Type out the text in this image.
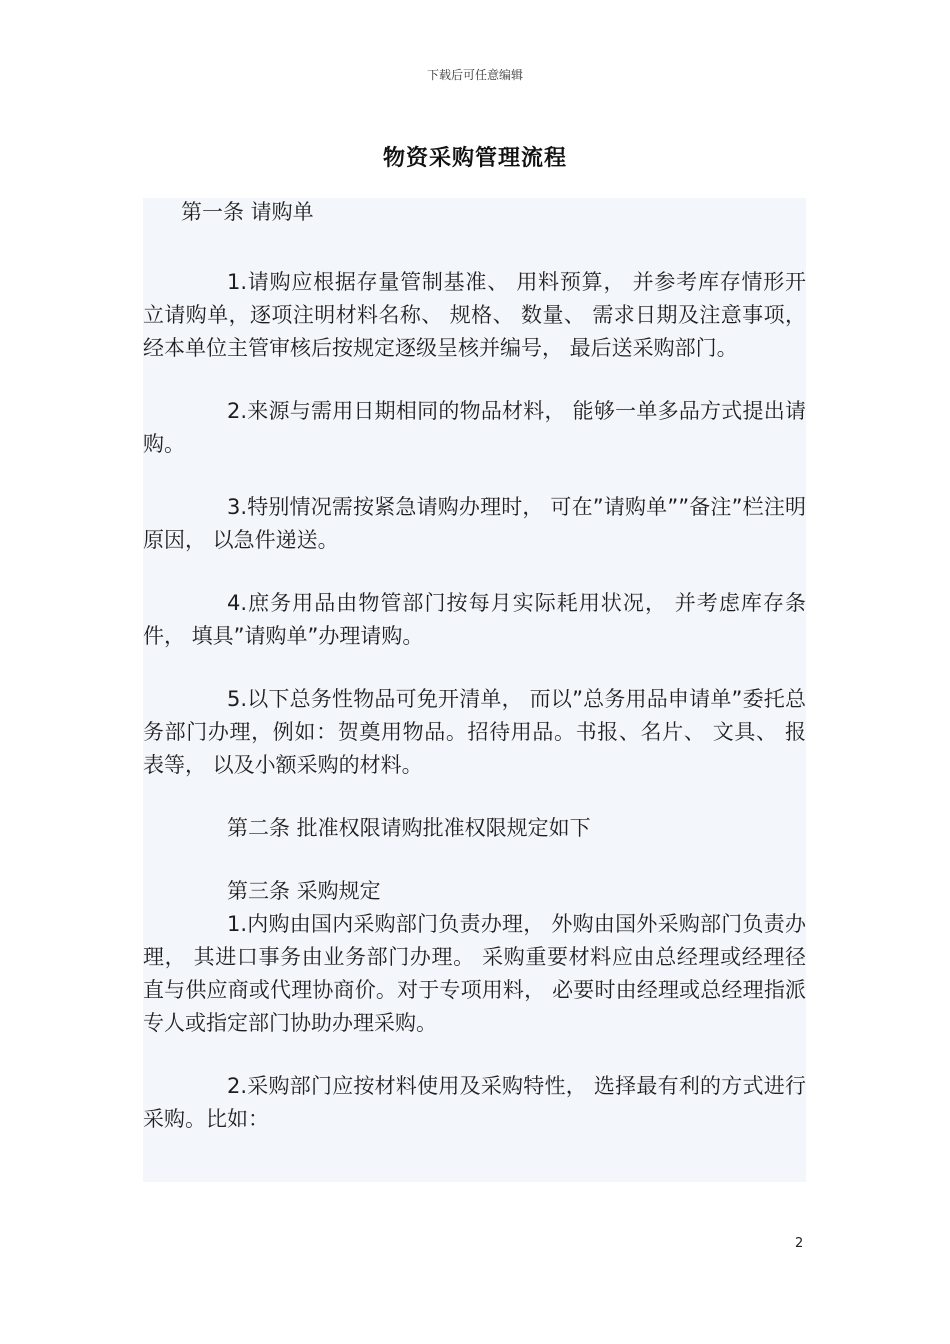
下载后可任意编辑
物资采购管理流程

第一条 请购单

1.请购应根据存量管制基准、 用料预算， 并参考库存情形开立请购单，逐项注明材料名称、 规格、 数量、 需求日期及注意事项， 经本单位主管审核后按规定逐级呈核并编号， 最后送采购部门。

2.来源与需用日期相同的物品材料， 能够一单多品方式提出请购。

3.特别情况需按紧急请购办理时， 可在”请购单””备注”栏注明原因， 以急件递送。

4.庶务用品由物管部门按每月实际耗用状况， 并考虑库存条件， 填具”请购单”办理请购。

5.以下总务性物品可免开清单， 而以”总务用品申请单”委托总务部门办理，例如：贺奠用物品。招待用品。书报、名片、 文具、 报表等， 以及小额采购的材料。

第二条 批准权限请购批准权限规定如下

第三条 采购规定

1.内购由国内采购部门负责办理， 外购由国外采购部门负责办理， 其进口事务由业务部门办理。 采购重要材料应由总经理或经理径直与供应商或代理协商价。对于专项用料， 必要时由经理或总经理指派专人或指定部门协助办理采购。

2.采购部门应按材料使用及采购特性， 选择最有利的方式进行采购。比如：

2
